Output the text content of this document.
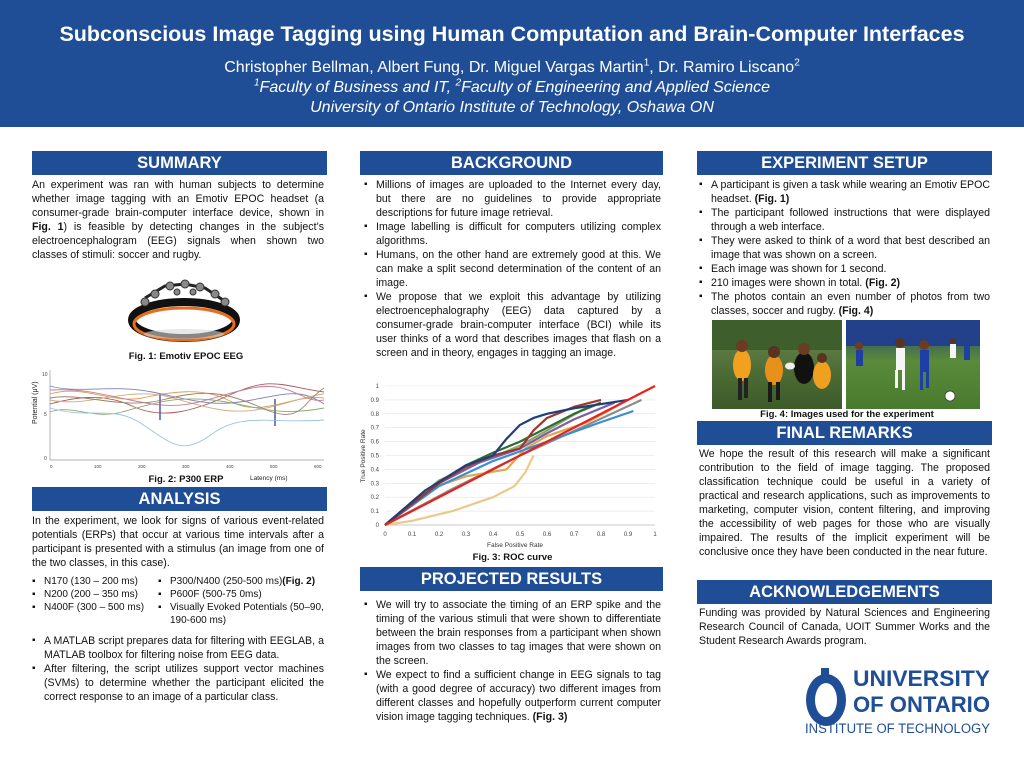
Subconscious Image Tagging using Human Computation and Brain-Computer Interfaces
Christopher Bellman, Albert Fung, Dr. Miguel Vargas Martin$^1$, Dr. Ramiro Liscano$^2$
$^1$Faculty of Business and IT, $^2$Faculty of Engineering and Applied Science
University of Ontario Institute of Technology, Oshawa ON
SUMMARY
An experiment was ran with human subjects to determine whether image tagging with an Emotiv EPOC headset (a consumer-grade brain-computer interface device, shown in Fig. 1) is feasible by detecting changes in the subject’s electroencephalogram (EEG) signals when shown two classes of stimuli: soccer and rugby.
Fig. 1: Emotiv EPOC EEG
10
5
0
0	100	200	300	400	500	600
Potential (μV)
Latency (ms)
Fig. 2: P300 ERP
ANALYSIS
In the experiment, we look for signs of various event-related potentials (ERPs) that occur at various time intervals after a participant is presented with a stimulus (an image from one of the two classes, in this case).
▪ N170 (130 – 200 ms)
▪ N200 (200 – 350 ms)
▪ N400F (300 – 500 ms)
▪ P300/N400 (250-500 ms)(Fig. 2)
▪ P600F (500-75 0ms)
▪ Visually Evoked Potentials (50–90, 190-600 ms)
▪ A MATLAB script prepares data for filtering with EEGLAB, a MATLAB toolbox for filtering noise from EEG data.
▪ After filtering, the script utilizes support vector machines (SVMs) to determine whether the participant elicited the correct response to an image of a particular class.
BACKGROUND
▪ Millions of images are uploaded to the Internet every day, but there are no guidelines to provide appropriate descriptions for future image retrieval.
▪ Image labelling is difficult for computers utilizing complex algorithms.
▪ Humans, on the other hand are extremely good at this. We can make a split second determination of the content of an image.
▪ We propose that we exploit this advantage by utilizing electroencephalography (EEG) data captured by a consumer-grade brain-computer interface (BCI) while its user thinks of a word that describes images that flash on a screen and in theory, engages in tagging an image.
0
0.1
0.2
0.3
0.4
0.5
0.6
0.7
0.8
0.9
1
0	0.1	0.2	0.3	0.4	0.5	0.6	0.7	0.8	0.9	1
False Positive Rate
True Positive Rate
Fig. 3: ROC curve
PROJECTED RESULTS
▪ We will try to associate the timing of an ERP spike and the timing of the various stimuli that were shown to differentiate between the brain responses from a participant when shown images from two classes to tag images that were shown on the screen.
▪ We expect to find a sufficient change in EEG signals to tag (with a good degree of accuracy) two different images from different classes and hopefully outperform current computer vision image tagging techniques. (Fig. 3)
EXPERIMENT SETUP
▪ A participant is given a task while wearing an Emotiv EPOC headset. (Fig. 1)
▪ The participant followed instructions that were displayed through a web interface.
▪ They were asked to think of a word that best described an image that was shown on a screen.
▪ Each image was shown for 1 second.
▪ 210 images were shown in total. (Fig. 2)
▪ The photos contain an even number of photos from two classes, soccer and rugby. (Fig. 4)
Fig. 4: Images used for the experiment
FINAL REMARKS
We hope the result of this research will make a significant contribution to the field of image tagging. The proposed classification technique could be useful in a variety of practical and research applications, such as improvements to marketing, computer vision, content filtering, and improving the accessibility of web pages for those who are visually impaired. The results of the implicit experiment will be conclusive once they have been conducted in the near future.
ACKNOWLEDGEMENTS
Funding was provided by Natural Sciences and Engineering Research Council of Canada, UOIT Summer Works and the Student Research Awards program.
UNIVERSITY
OF ONTARIO
INSTITUTE OF TECHNOLOGY
